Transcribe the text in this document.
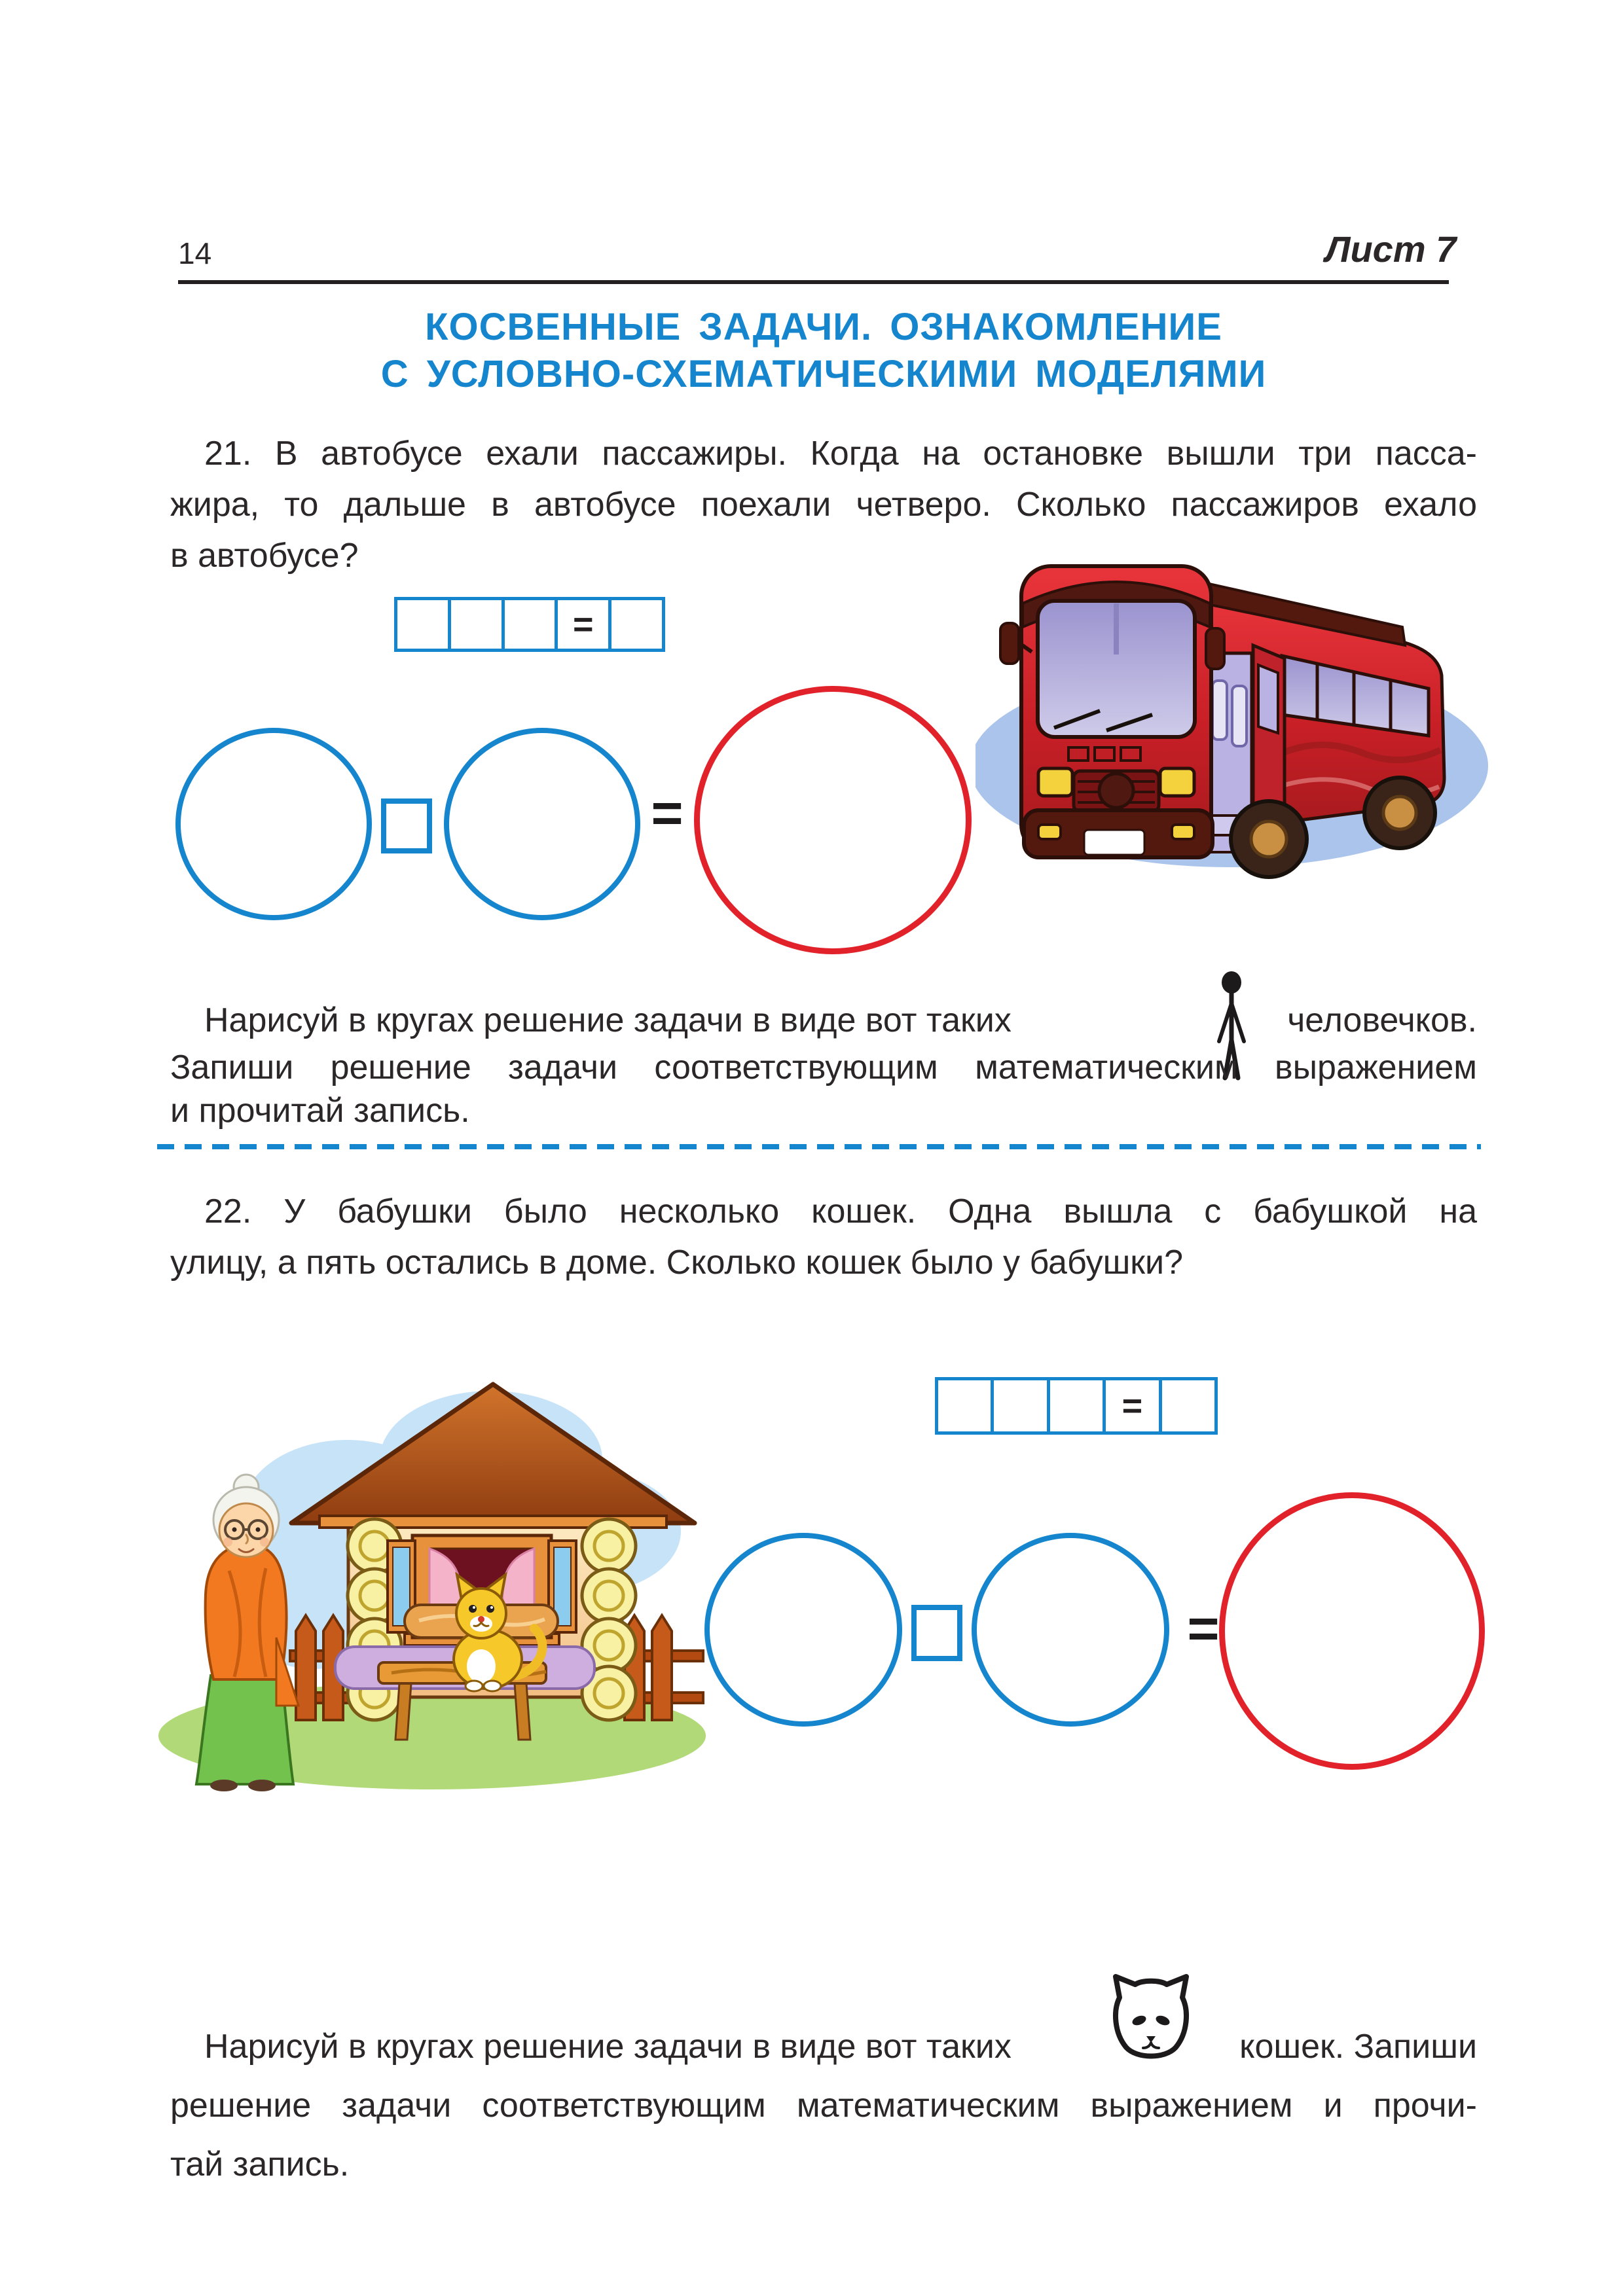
14	Лист 7
КОСВЕННЫЕ ЗАДАЧИ. ОЗНАКОМЛЕНИЕ
С УСЛОВНО-СХЕМАТИЧЕСКИМИ МОДЕЛЯМИ
21. В автобусе ехали пассажиры. Когда на остановке вышли три пасса-
жира, то дальше в автобусе поехали четверо. Сколько пассажиров ехало
в автобусе?
=
=
Нарисуй в кругах решение задачи в виде вот таких	человечков.
Запиши решение задачи соответствующим математическим выражением
и прочитай запись.
22. У бабушки было несколько кошек. Одна вышла с бабушкой на
улицу, а пять остались в доме. Сколько кошек было у бабушки?
=
=
Нарисуй в кругах решение задачи в виде вот таких	кошек. Запиши
решение задачи соответствующим математическим выражением и прочи-
тай запись.
